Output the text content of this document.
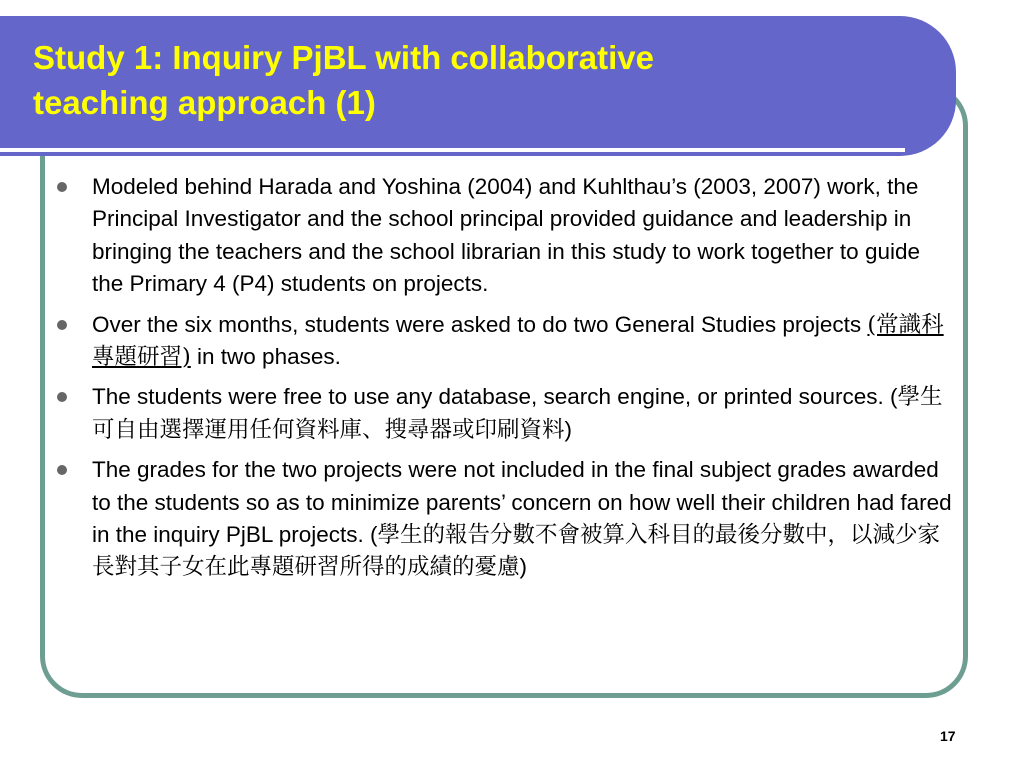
Study 1: Inquiry PjBL with collaborative
teaching approach (1)
Modeled behind Harada and Yoshina (2004) and Kuhlthau’s (2003, 2007) work, the Principal Investigator and the school principal provided guidance and leadership in bringing the teachers and the school librarian in this study to work together to guide the Primary 4 (P4) students on projects.
Over the six months, students were asked to do two General Studies projects (常識科專題研習) in two phases.
The students were free to use any database, search engine, or printed sources. (學生可自由選擇運用任何資料庫、搜尋器或印刷資料)
The grades for the two projects were not included in the final subject grades awarded to the students so as to minimize parents’ concern on how well their children had fared in the inquiry PjBL projects. (學生的報告分數不會被算入科目的最後分數中，以減少家長對其子女在此專題研習所得的成績的憂慮)
17
